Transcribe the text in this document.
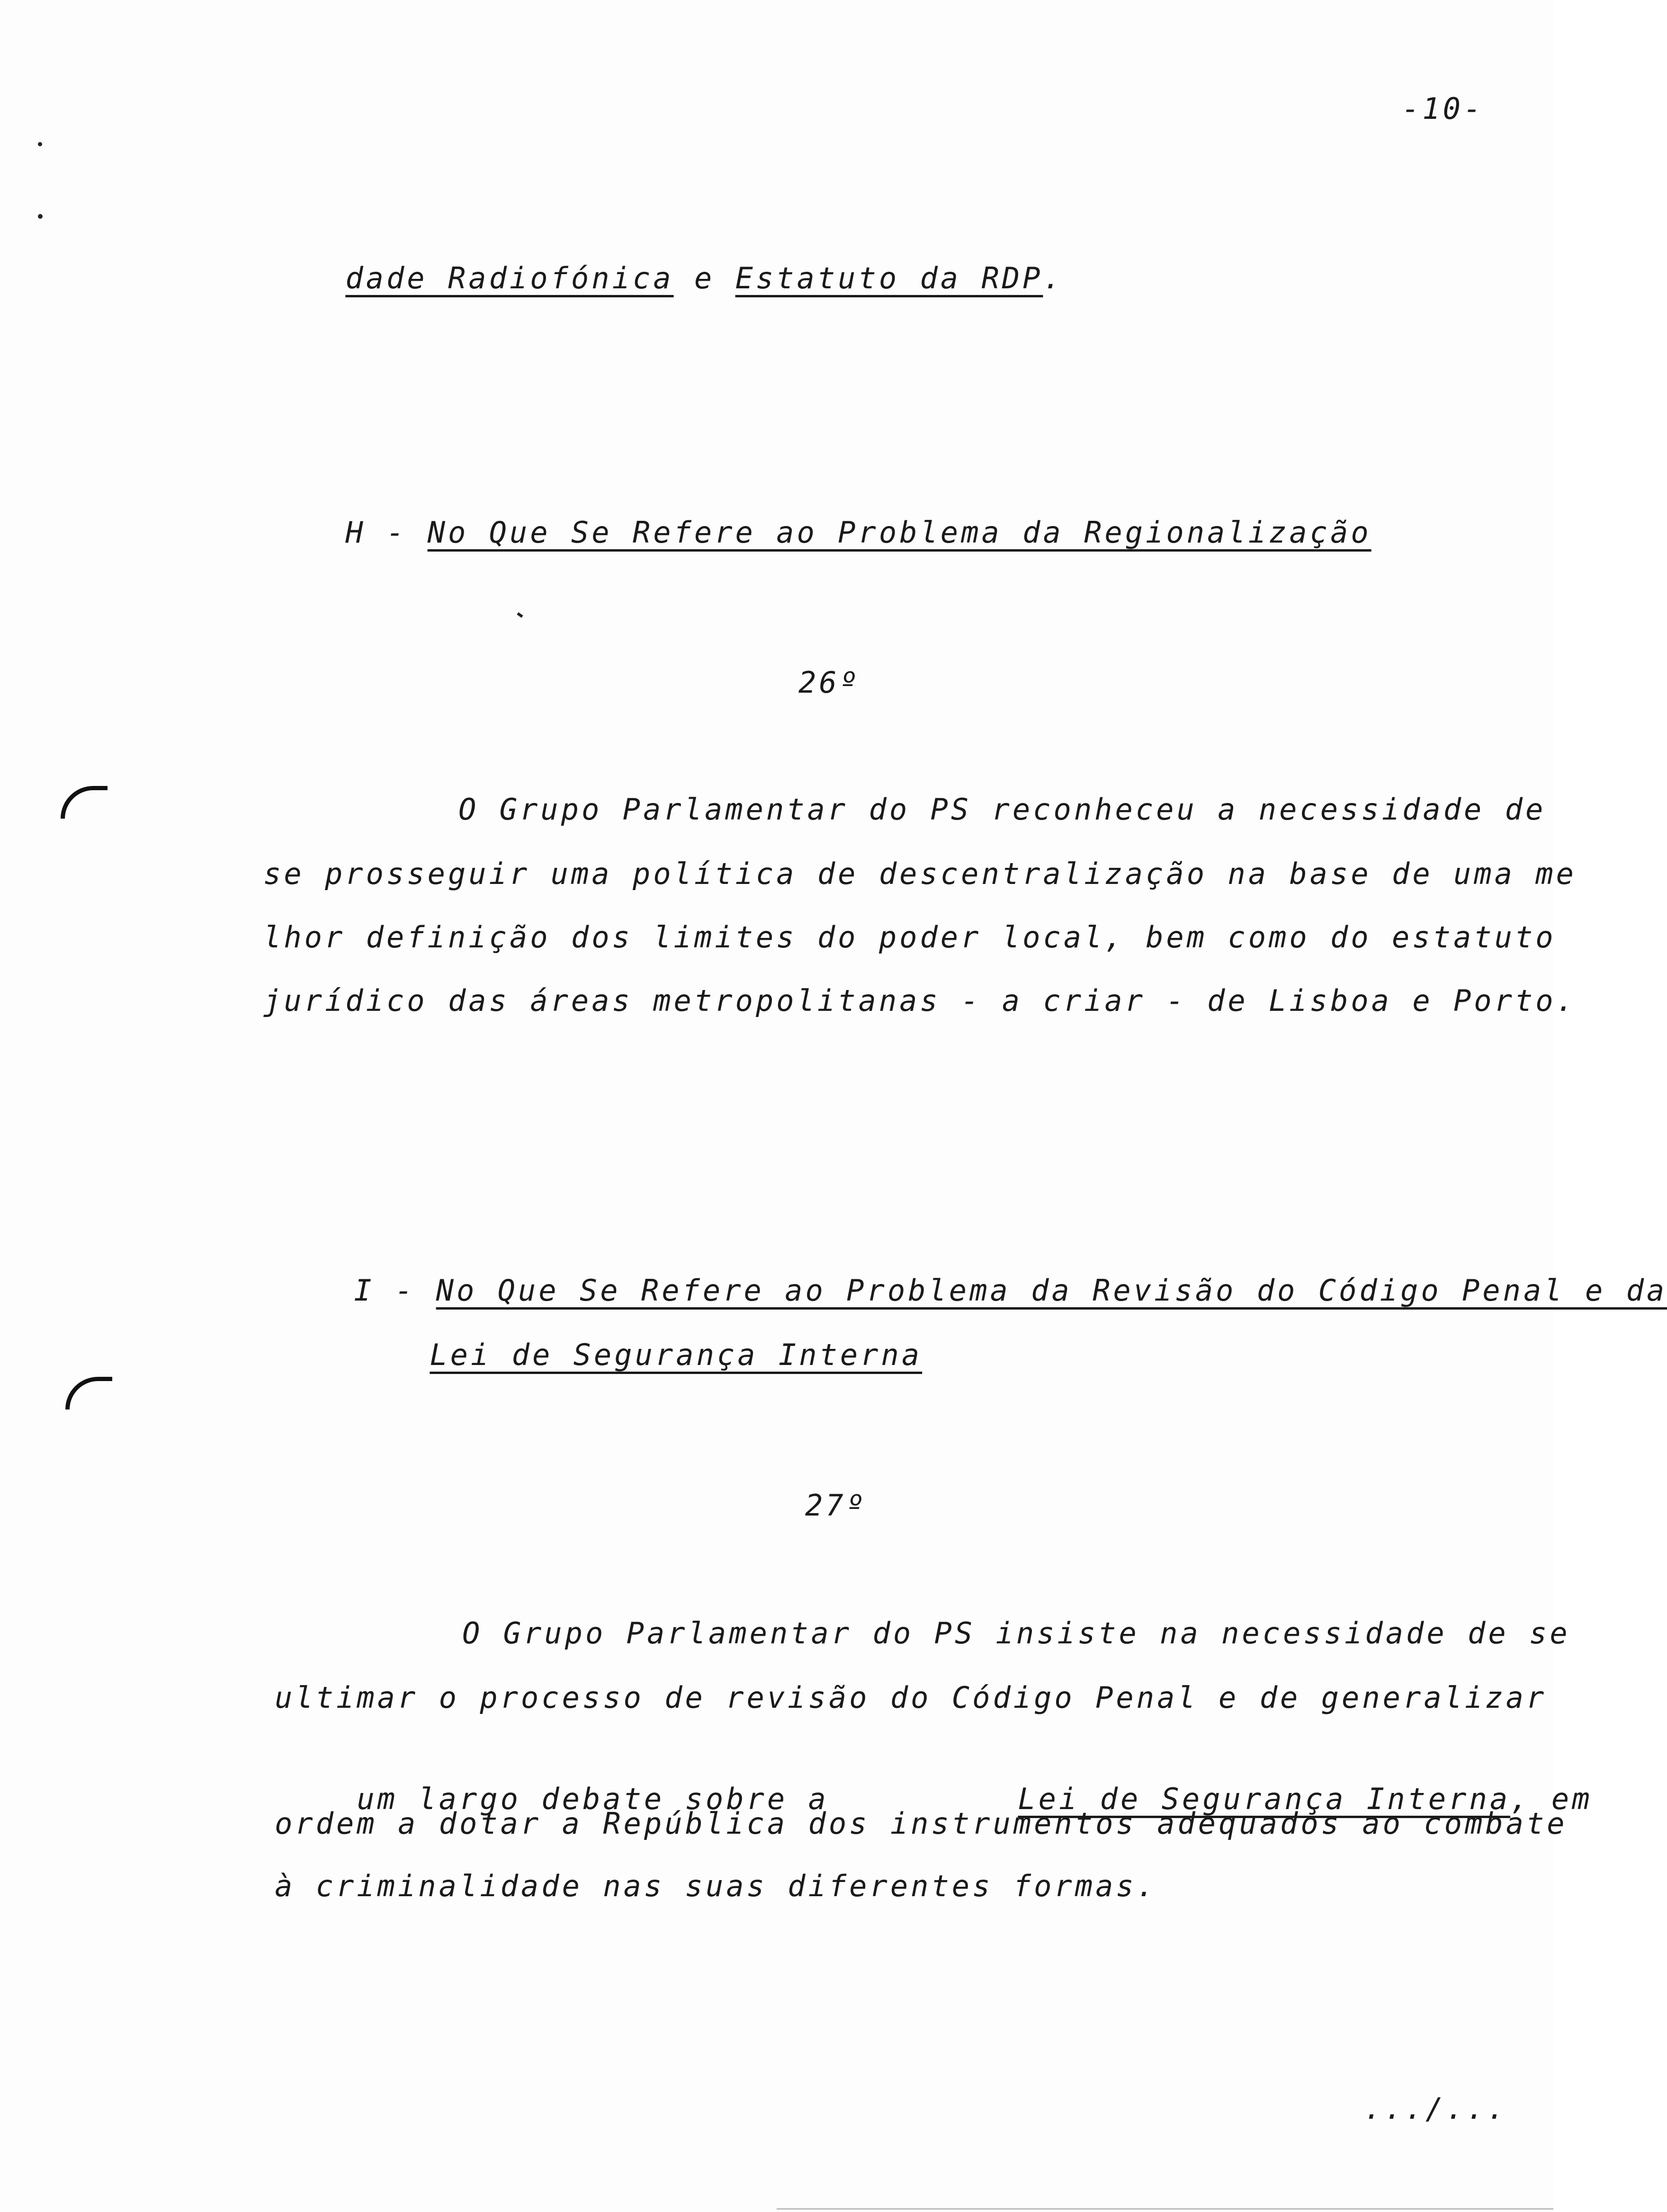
-10-

dade Radiofónica e Estatuto da RDP.

H - No Que Se Refere ao Problema da Regionalização

26º
O Grupo Parlamentar do PS reconheceu a necessidade de
se prosseguir uma política de descentralização na base de uma me
lhor definição dos limites do poder local, bem como do estatuto
jurídico das áreas metropolitanas - a criar - de Lisboa e Porto.

I - No Que Se Refere ao Problema da Revisão do Código Penal e da

Lei de Segurança Interna

27º
O Grupo Parlamentar do PS insiste na necessidade de se
ultimar o processo de revisão do Código Penal e de generalizar

um largo debate sobre a
	Lei de Segurança Interna, em

ordem a dotar a República dos instrumentos adequados ao combate
à criminalidade nas suas diferentes formas.
.../...
